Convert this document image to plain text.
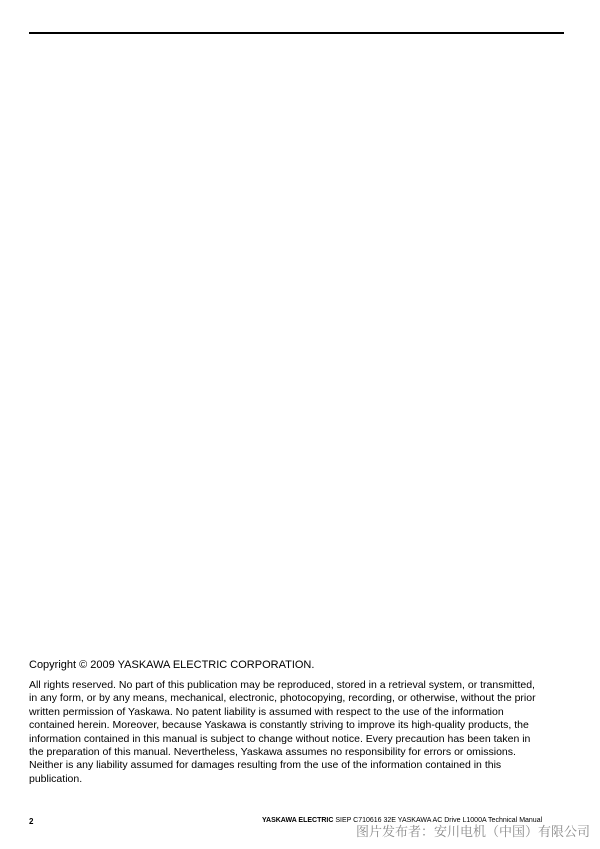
Copyright © 2009 YASKAWA ELECTRIC CORPORATION.

All rights reserved. No part of this publication may be reproduced, stored in a retrieval system, or transmitted,

in any form, or by any means, mechanical, electronic, photocopying, recording, or otherwise, without the prior

written permission of Yaskawa. No patent liability is assumed with respect to the use of the information

contained herein. Moreover, because Yaskawa is constantly striving to improve its high-quality products, the

information contained in this manual is subject to change without notice. Every precaution has been taken in

the preparation of this manual. Nevertheless, Yaskawa assumes no responsibility for errors or omissions.

Neither is any liability assumed for damages resulting from the use of the information contained in this

publication.

2	YASKAWA ELECTRIC SIEP C710616 32E YASKAWA AC Drive L1000A Technical Manual
图片发布者：安川电机（中国）有限公司
